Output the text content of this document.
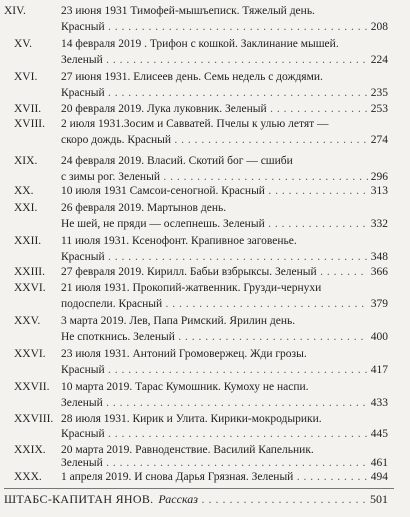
XIV.	23 июня 1931 Тимофей-мышъеписк. Тяжелый день.
Красный . . .	208
XV.	14 февраля 2019 . Трифон с кошкой. Заклинание мышей.
Зеленый . . .	224
XVI. 27 июня 1931. Елисеев день. Семь недель с дождями.
Красный . . .	235
XVII. 20 февраля 2019. Лука луковник. Зеленый . . .	253
XVIII. 2 июля 1931.Зосим и Савватей. Пчелы к улью летят —
скоро дождь. Красный . . .	274
XIX. 24 февраля 2019. Власий. Скотий бог — сшиби
с зимы рог. Зеленый . . .	296
XX. 10 июля 1931 Самсои-сеногной. Красный . . .	313
XXI. 26 февраля 2019. Мартынов день.
Не шей, не пряди — ослепнешь. Зеленый . . .	332
XXII. 11 июля 1931. Ксенофонт. Крапивное заговенье.
Красный . . .	348
XXIII. 27 февраля 2019. Кирилл. Бабьи взбрыксы. Зеленый . . .	366
XXVI. 21 июля 1931. Прокопий-жатвенник. Грузди-чернухи
подоспели. Красный . . .	379
XXV. 3 марта 2019. Лев, Папа Римский. Ярилин день.
Не споткнись. Зеленый . . .	400
XXVI. 23 июля 1931. Антоний Громовержец. Жди грозы.
Красный . . .	417
XXVII. 10 марта 2019. Тарас Кумошник. Кумоху не наспи.
Зеленый . . .	433
XXVIII. 28 июля 1931. Кирик и Улита. Кирики-мокродырики.
Красный . . .	445
XXIX. 20 марта 2019. Равноденствие. Василий Капельник.
Зеленый . . .	461
XXX. 1 апреля 2019. И снова Дарья Грязная. Зеленый . . .	494
ШТАБС-КАПИТАН ЯНОВ. Рассказ . . .	501
